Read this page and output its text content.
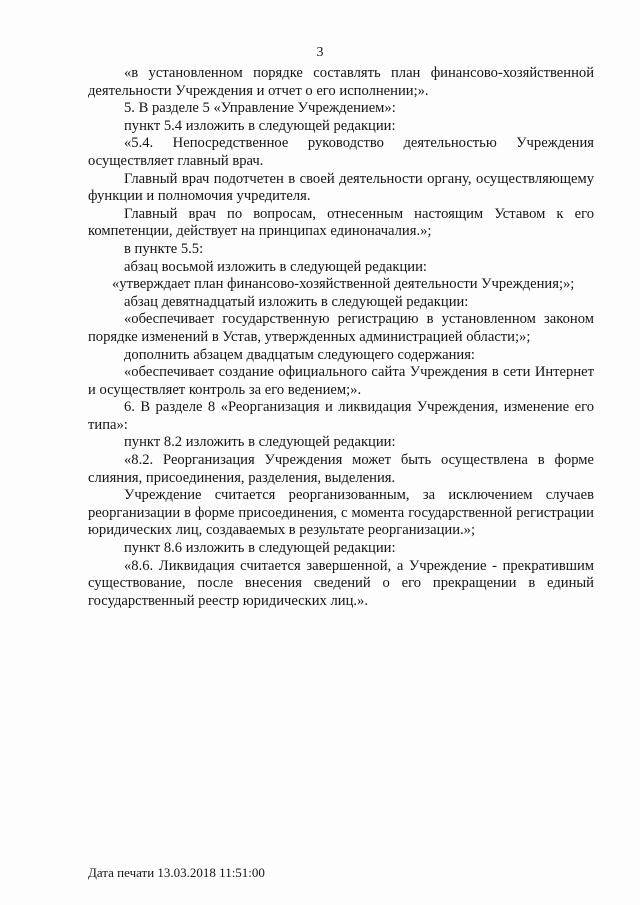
3

«в установленном порядке составлять план финансово-хозяйственной деятельности Учреждения и отчет о его исполнении;».

5. В разделе 5 «Управление Учреждением»:

пункт 5.4 изложить в следующей редакции:

«5.4. Непосредственное руководство деятельностью Учреждения осуществляет главный врач.

Главный врач подотчетен в своей деятельности органу, осуществляющему функции и полномочия учредителя.

Главный врач по вопросам, отнесенным настоящим Уставом к его компетенции, действует на принципах единоначалия.»;

в пункте 5.5:

абзац восьмой изложить в следующей редакции:

«утверждает план финансово-хозяйственной деятельности Учреждения;»;

абзац девятнадцатый изложить в следующей редакции:

«обеспечивает государственную регистрацию в установленном законом порядке изменений в Устав, утвержденных администрацией области;»;

дополнить абзацем двадцатым следующего содержания:

«обеспечивает создание официального сайта Учреждения в сети Интернет и осуществляет контроль за его ведением;».

6. В разделе 8 «Реорганизация и ликвидация Учреждения, изменение его типа»:

пункт 8.2 изложить в следующей редакции:

«8.2. Реорганизация Учреждения может быть осуществлена в форме слияния, присоединения, разделения, выделения.

Учреждение считается реорганизованным, за исключением случаев реорганизации в форме присоединения, с момента государственной регистрации юридических лиц, создаваемых в результате реорганизации.»;

пункт 8.6 изложить в следующей редакции:

«8.6. Ликвидация считается завершенной, а Учреждение - прекратившим существование, после внесения сведений о его прекращении в единый государственный реестр юридических лиц.».

Дата печати 13.03.2018 11:51:00
